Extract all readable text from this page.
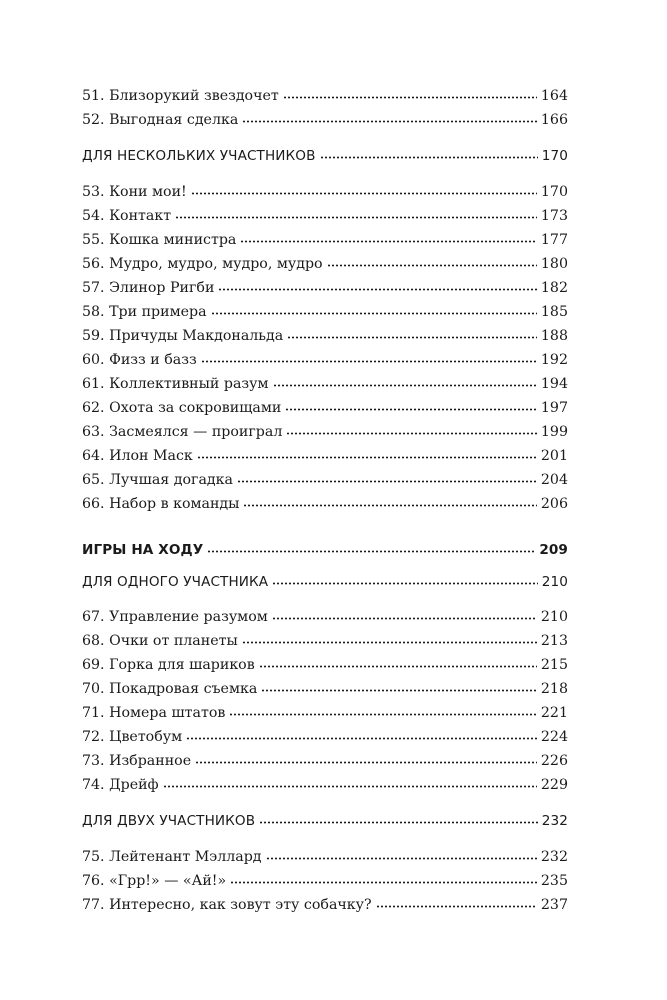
51. Близорукий звездочет	164
52. Выгодная сделка	166
ДЛЯ НЕСКОЛЬКИХ УЧАСТНИКОВ	170
53. Кони мои!	170
54. Контакт	173
55. Кошка министра	177
56. Мудро, мудро, мудро, мудро	180
57. Элинор Ригби	182
58. Три примера	185
59. Причуды Макдональда	188
60. Физз и базз	192
61. Коллективный разум	194
62. Охота за сокровищами	197
63. Засмеялся — проиграл	199
64. Илон Маск	201
65. Лучшая догадка	204
66. Набор в команды	206
ИГРЫ НА ХОДУ	209
ДЛЯ ОДНОГО УЧАСТНИКА	210
67. Управление разумом	210
68. Очки от планеты	213
69. Горка для шариков	215
70. Покадровая съемка	218
71. Номера штатов	221
72. Цветобум	224
73. Избранное	226
74. Дрейф	229
ДЛЯ ДВУХ УЧАСТНИКОВ	232
75. Лейтенант Мэллард	232
76. «Грр!» — «Ай!»	235
77. Интересно, как зовут эту собачку?	237
